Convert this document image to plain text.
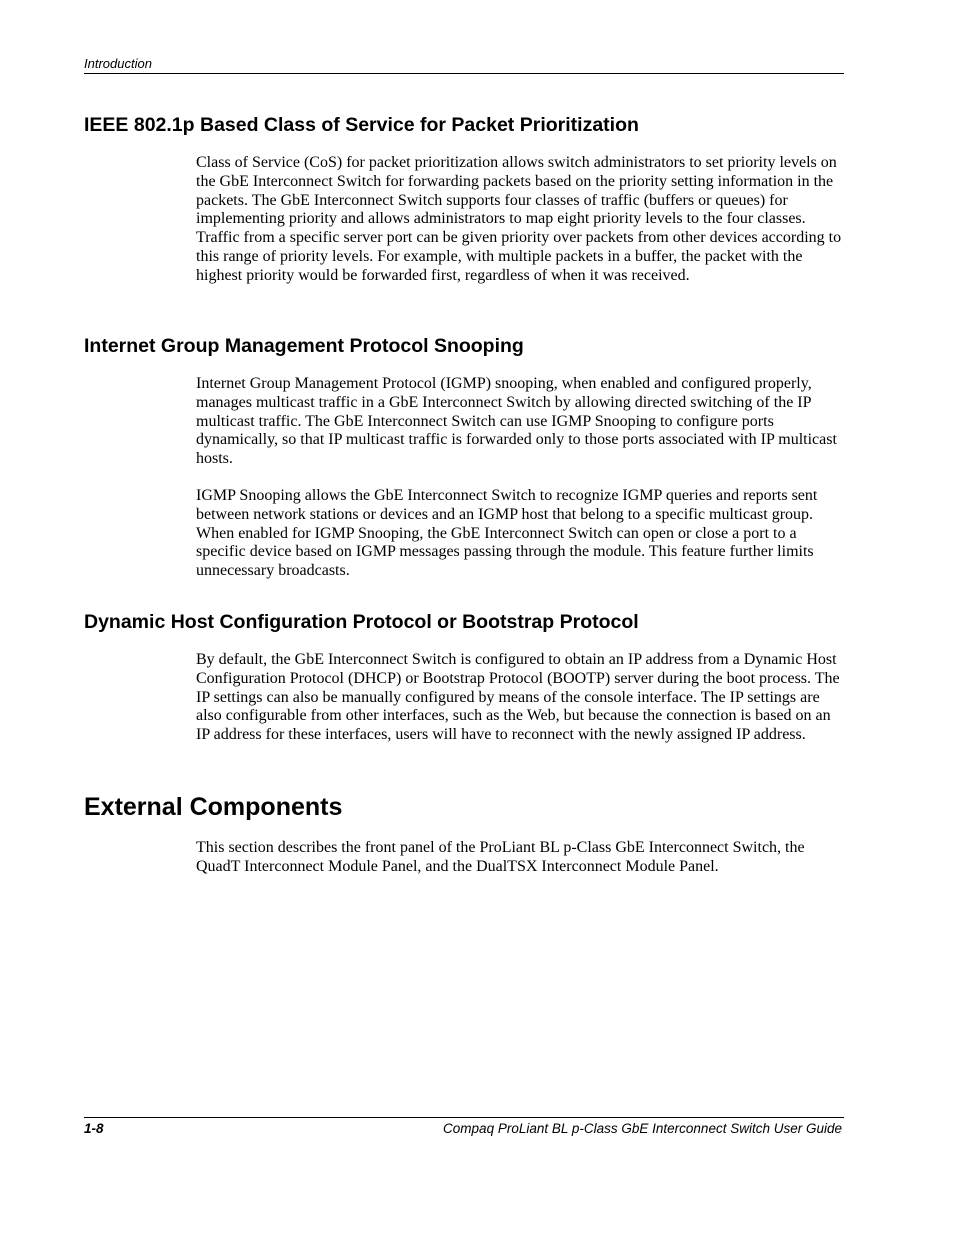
Introduction
IEEE 802.1p Based Class of Service for Packet Prioritization

Class of Service (CoS) for packet prioritization allows switch administrators to set priority levels on the GbE Interconnect Switch for forwarding packets based on the priority setting information in the packets. The GbE Interconnect Switch supports four classes of traffic (buffers or queues) for implementing priority and allows administrators to map eight priority levels to the four classes. Traffic from a specific server port can be given priority over packets from other devices according to this range of priority levels. For example, with multiple packets in a buffer, the packet with the highest priority would be forwarded first, regardless of when it was received.

Internet Group Management Protocol Snooping

Internet Group Management Protocol (IGMP) snooping, when enabled and configured properly, manages multicast traffic in a GbE Interconnect Switch by allowing directed switching of the IP multicast traffic. The GbE Interconnect Switch can use IGMP Snooping to configure ports dynamically, so that IP multicast traffic is forwarded only to those ports associated with IP multicast hosts.

IGMP Snooping allows the GbE Interconnect Switch to recognize IGMP queries and reports sent between network stations or devices and an IGMP host that belong to a specific multicast group. When enabled for IGMP Snooping, the GbE Interconnect Switch can open or close a port to a specific device based on IGMP messages passing through the module. This feature further limits unnecessary broadcasts.

Dynamic Host Configuration Protocol or Bootstrap Protocol

By default, the GbE Interconnect Switch is configured to obtain an IP address from a Dynamic Host Configuration Protocol (DHCP) or Bootstrap Protocol (BOOTP) server during the boot process. The IP settings can also be manually configured by means of the console interface. The IP settings are also configurable from other interfaces, such as the Web, but because the connection is based on an IP address for these interfaces, users will have to reconnect with the newly assigned IP address.

External Components

This section describes the front panel of the ProLiant BL p-Class GbE Interconnect Switch, the QuadT Interconnect Module Panel, and the DualTSX Interconnect Module Panel.

1-8	Compaq ProLiant BL p-Class GbE Interconnect Switch User Guide
